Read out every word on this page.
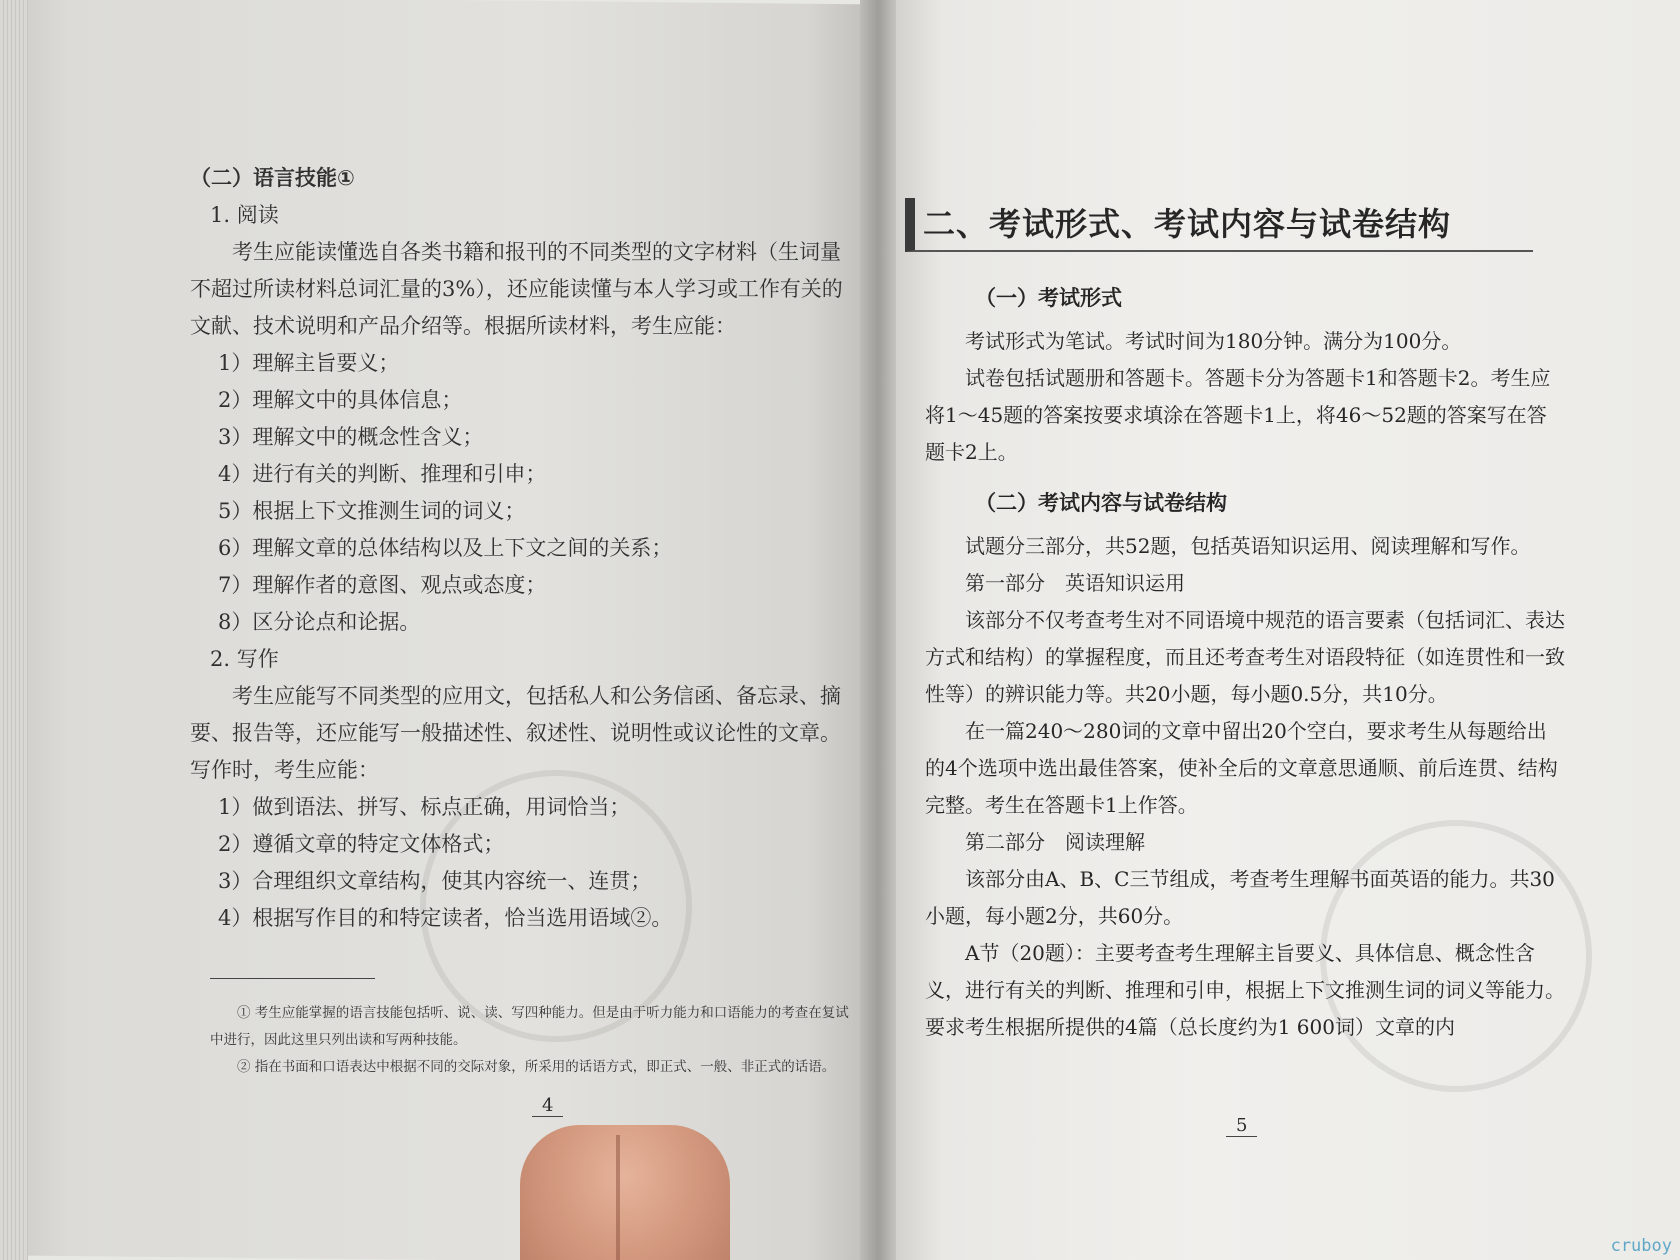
（二）语言技能①

1. 阅读

考生应能读懂选自各类书籍和报刊的不同类型的文字材料（生词量不超过所读材料总词汇量的3%），还应能读懂与本人学习或工作有关的文献、技术说明和产品介绍等。根据所读材料，考生应能：

1）理解主旨要义；

2）理解文中的具体信息；

3）理解文中的概念性含义；

4）进行有关的判断、推理和引申；

5）根据上下文推测生词的词义；

6）理解文章的总体结构以及上下文之间的关系；

7）理解作者的意图、观点或态度；

8）区分论点和论据。

2. 写作

考生应能写不同类型的应用文，包括私人和公务信函、备忘录、摘要、报告等，还应能写一般描述性、叙述性、说明性或议论性的文章。写作时，考生应能：

1）做到语法、拼写、标点正确，用词恰当；

2）遵循文章的特定文体格式；

3）合理组织文章结构，使其内容统一、连贯；

4）根据写作目的和特定读者，恰当选用语域②。

① 考生应能掌握的语言技能包括听、说、读、写四种能力。但是由于听力能力和口语能力的考查在复试中进行，因此这里只列出读和写两种技能。

② 指在书面和口语表达中根据不同的交际对象，所采用的话语方式，即正式、一般、非正式的话语。

4

二、考试形式、考试内容与试卷结构

（一）考试形式

考试形式为笔试。考试时间为180分钟。满分为100分。

试卷包括试题册和答题卡。答题卡分为答题卡1和答题卡2。考生应将1～45题的答案按要求填涂在答题卡1上，将46～52题的答案写在答题卡2上。

（二）考试内容与试卷结构

试题分三部分，共52题，包括英语知识运用、阅读理解和写作。

第一部分　英语知识运用

该部分不仅考查考生对不同语境中规范的语言要素（包括词汇、表达方式和结构）的掌握程度，而且还考查考生对语段特征（如连贯性和一致性等）的辨识能力等。共20小题，每小题0.5分，共10分。

在一篇240～280词的文章中留出20个空白，要求考生从每题给出的4个选项中选出最佳答案，使补全后的文章意思通顺、前后连贯、结构完整。考生在答题卡1上作答。

第二部分　阅读理解

该部分由A、B、C三节组成，考查考生理解书面英语的能力。共30小题，每小题2分，共60分。

A节（20题）：主要考查考生理解主旨要义、具体信息、概念性含义，进行有关的判断、推理和引申，根据上下文推测生词的词义等能力。要求考生根据所提供的4篇（总长度约为1 600词）文章的内

5
cruboy
